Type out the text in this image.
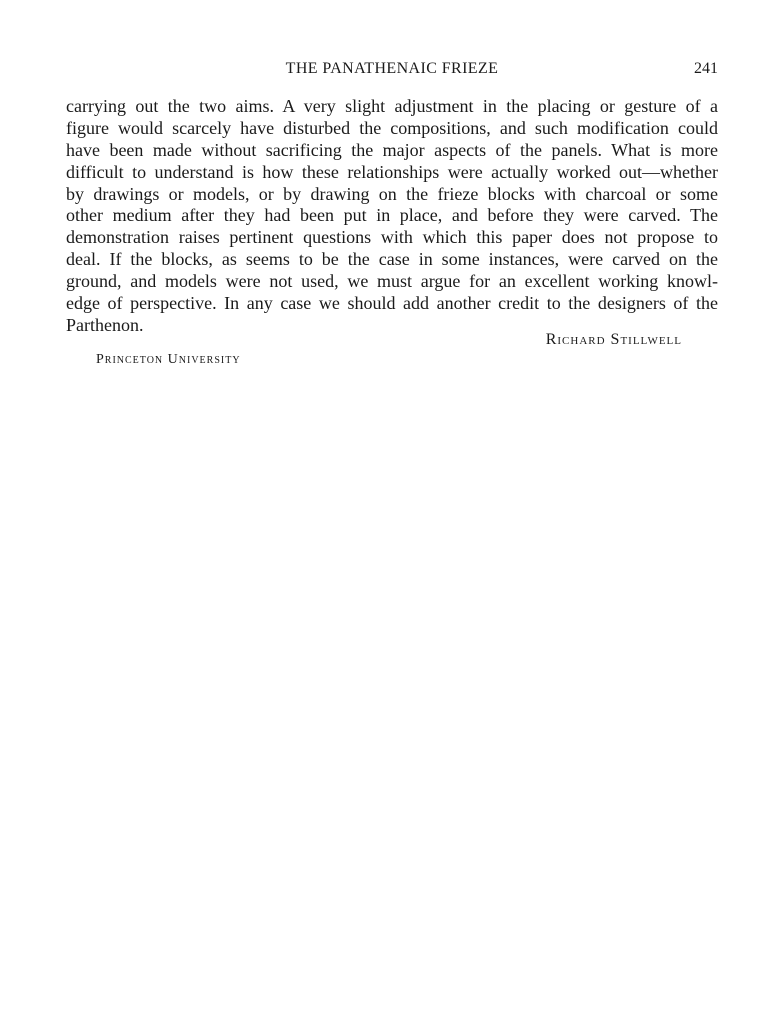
THE PANATHENAIC FRIEZE	241
carrying out the two aims. A very slight adjustment in the placing or gesture of a
figure would scarcely have disturbed the compositions, and such modification could
have been made without sacrificing the major aspects of the panels. What is more
difficult to understand is how these relationships were actually worked out—whether
by drawings or models, or by drawing on the frieze blocks with charcoal or some
other medium after they had been put in place, and before they were carved. The
demonstration raises pertinent questions with which this paper does not propose to
deal. If the blocks, as seems to be the case in some instances, were carved on the
ground, and models were not used, we must argue for an excellent working knowl-
edge of perspective. In any case we should add another credit to the designers of the
Parthenon.
Richard Stillwell
Princeton University
